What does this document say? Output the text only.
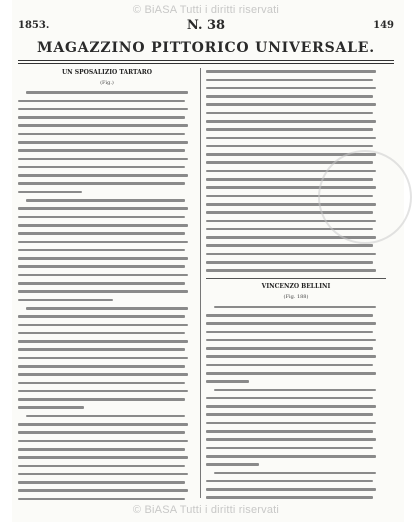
© BiASA Tutti i diritti riservati
1853.	N. 38	149
MAGAZZINO PITTORICO UNIVERSALE.
UN SPOSALIZIO TARTARO
(Fig.)
VINCENZO BELLINI
(Fig. 188)
© BiASA Tutti i diritti riservati
